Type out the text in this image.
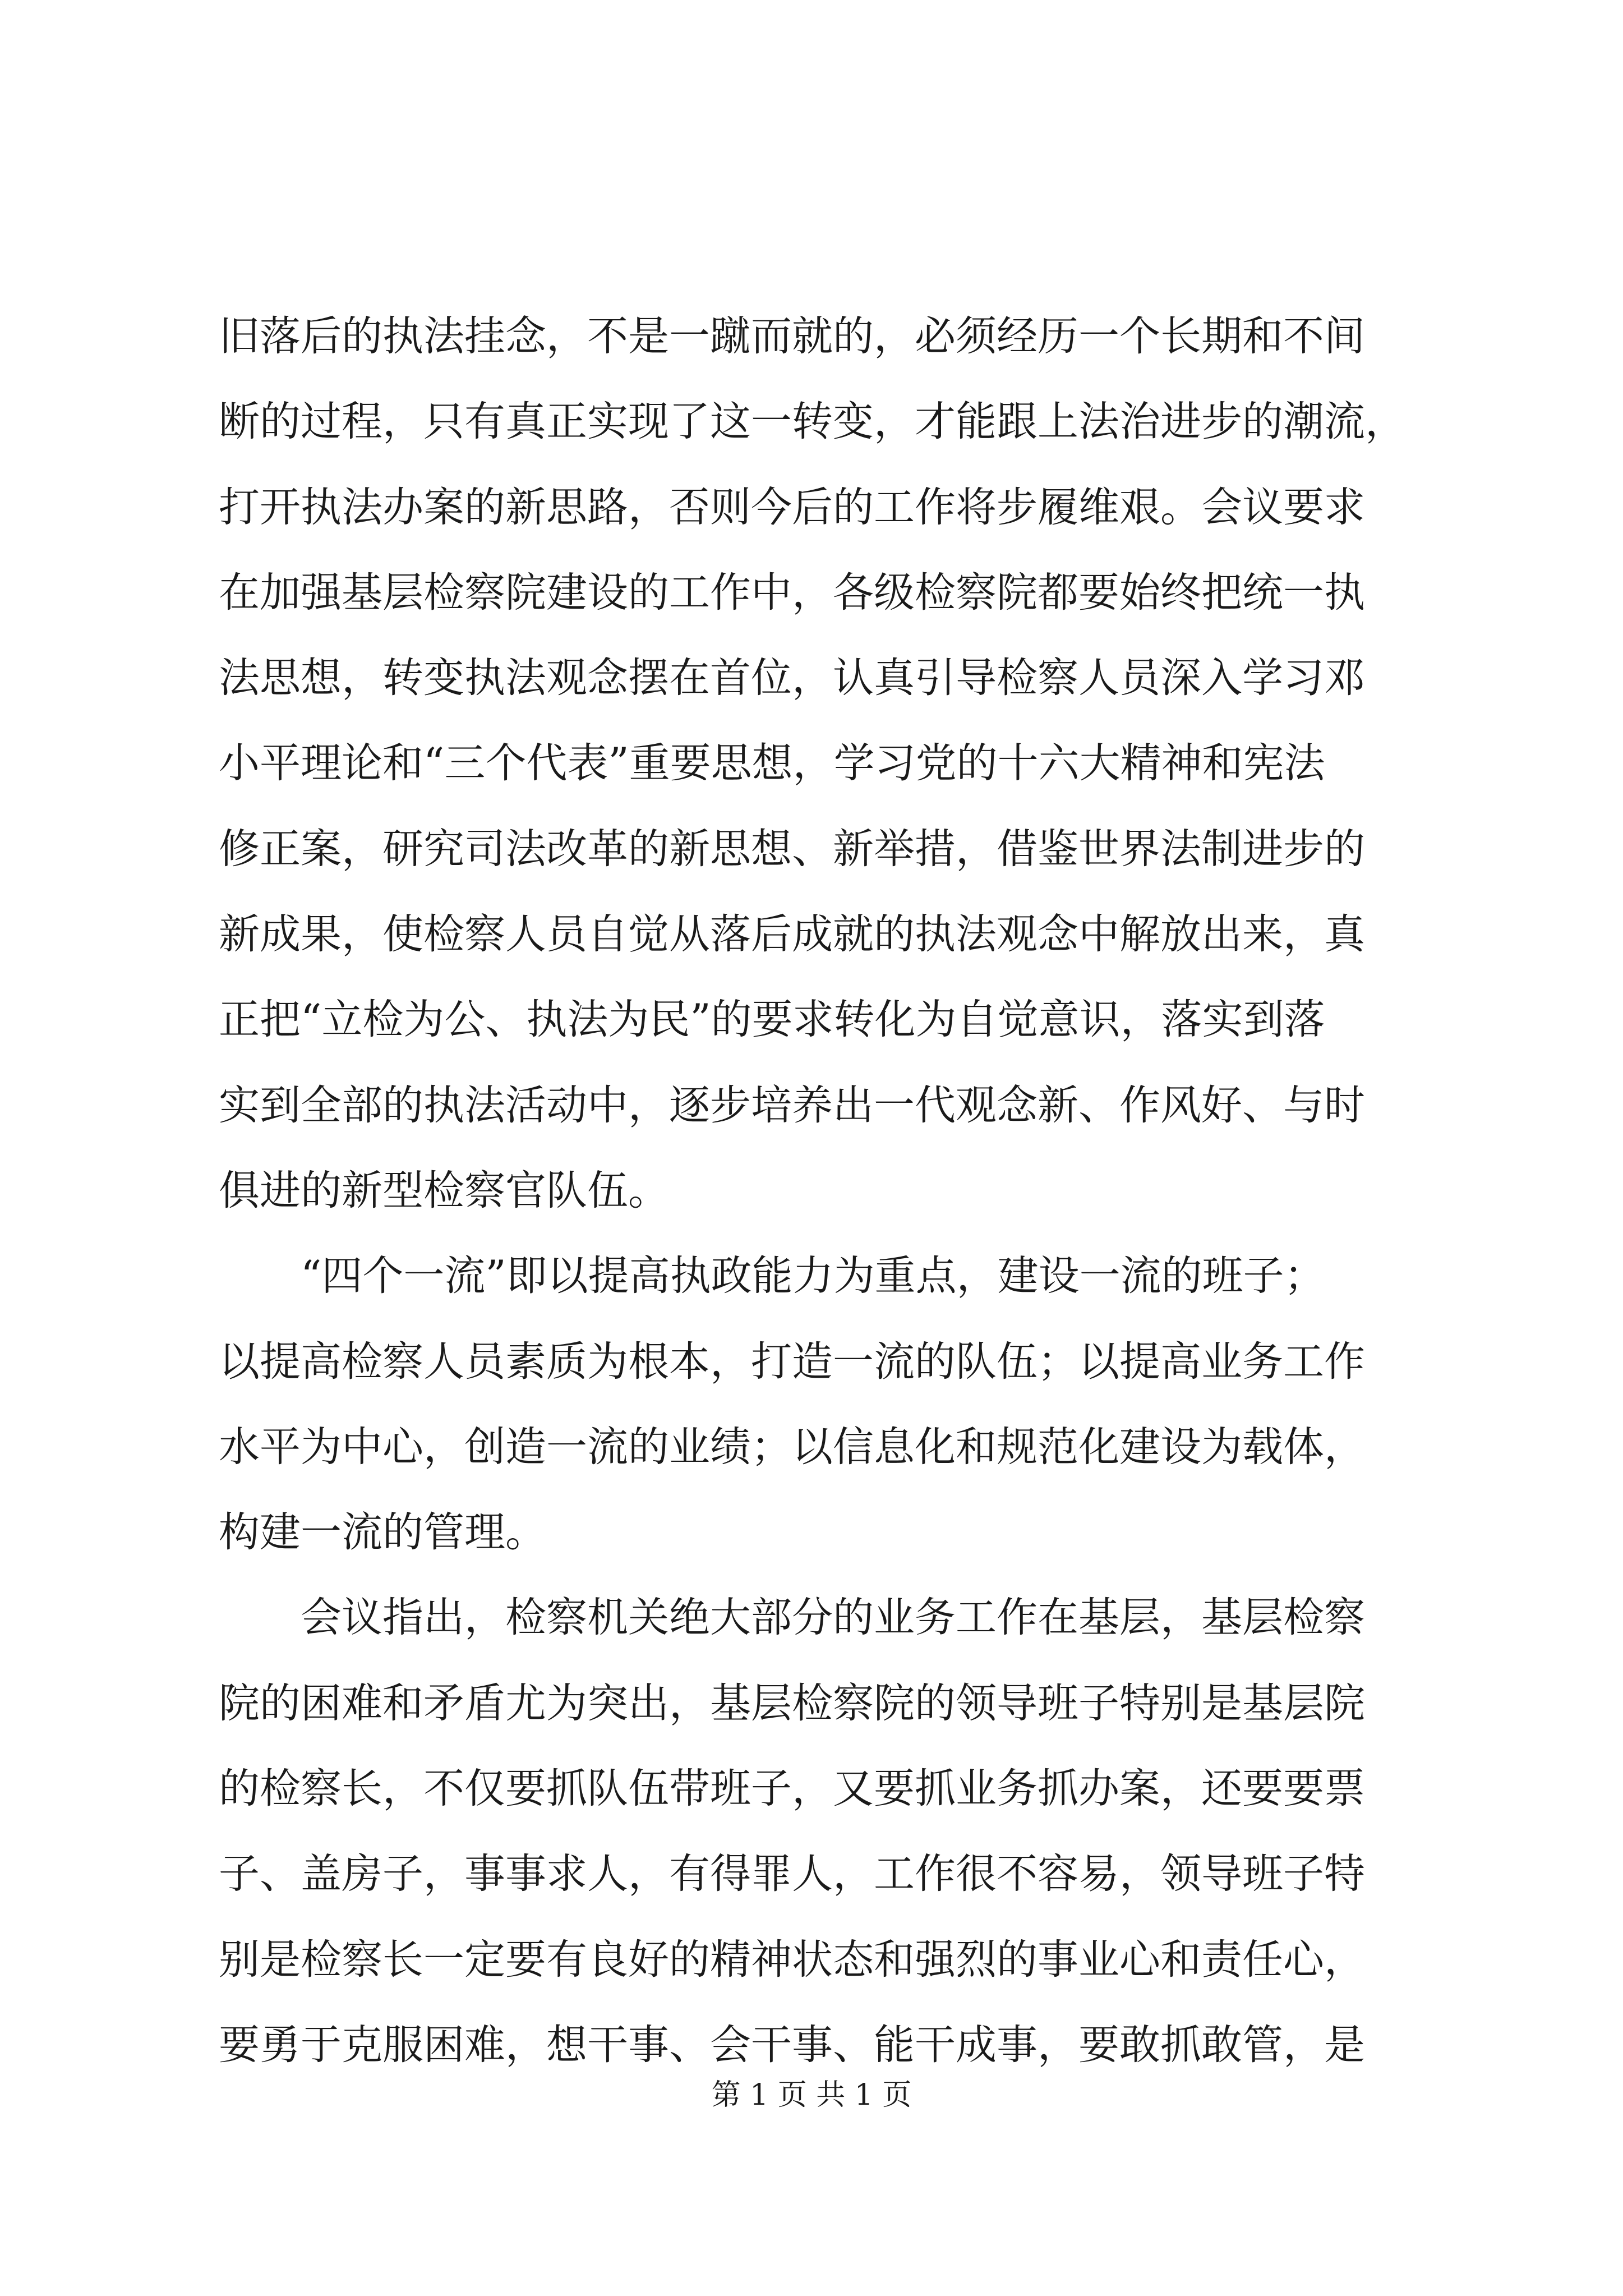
旧落后的执法挂念，不是一蹴而就的，必须经历一个长期和不间
断的过程，只有真正实现了这一转变，才能跟上法治进步的潮流，
打开执法办案的新思路，否则今后的工作将步履维艰。会议要求
在加强基层检察院建设的工作中，各级检察院都要始终把统一执
法思想，转变执法观念摆在首位，认真引导检察人员深入学习邓
小平理论和“三个代表”重要思想，学习党的十六大精神和宪法
修正案，研究司法改革的新思想、新举措，借鉴世界法制进步的
新成果，使检察人员自觉从落后成就的执法观念中解放出来，真
正把“立检为公、执法为民”的要求转化为自觉意识，落实到落
实到全部的执法活动中，逐步培养出一代观念新、作风好、与时
俱进的新型检察官队伍。
“四个一流”即以提高执政能力为重点，建设一流的班子；
以提高检察人员素质为根本，打造一流的队伍；以提高业务工作
水平为中心，创造一流的业绩；以信息化和规范化建设为载体，
构建一流的管理。
会议指出，检察机关绝大部分的业务工作在基层，基层检察
院的困难和矛盾尤为突出，基层检察院的领导班子特别是基层院
的检察长，不仅要抓队伍带班子，又要抓业务抓办案，还要要票
子、盖房子，事事求人，有得罪人，工作很不容易，领导班子特
别是检察长一定要有良好的精神状态和强烈的事业心和责任心，
要勇于克服困难，想干事、会干事、能干成事，要敢抓敢管，是
第 1 页 共 1 页
